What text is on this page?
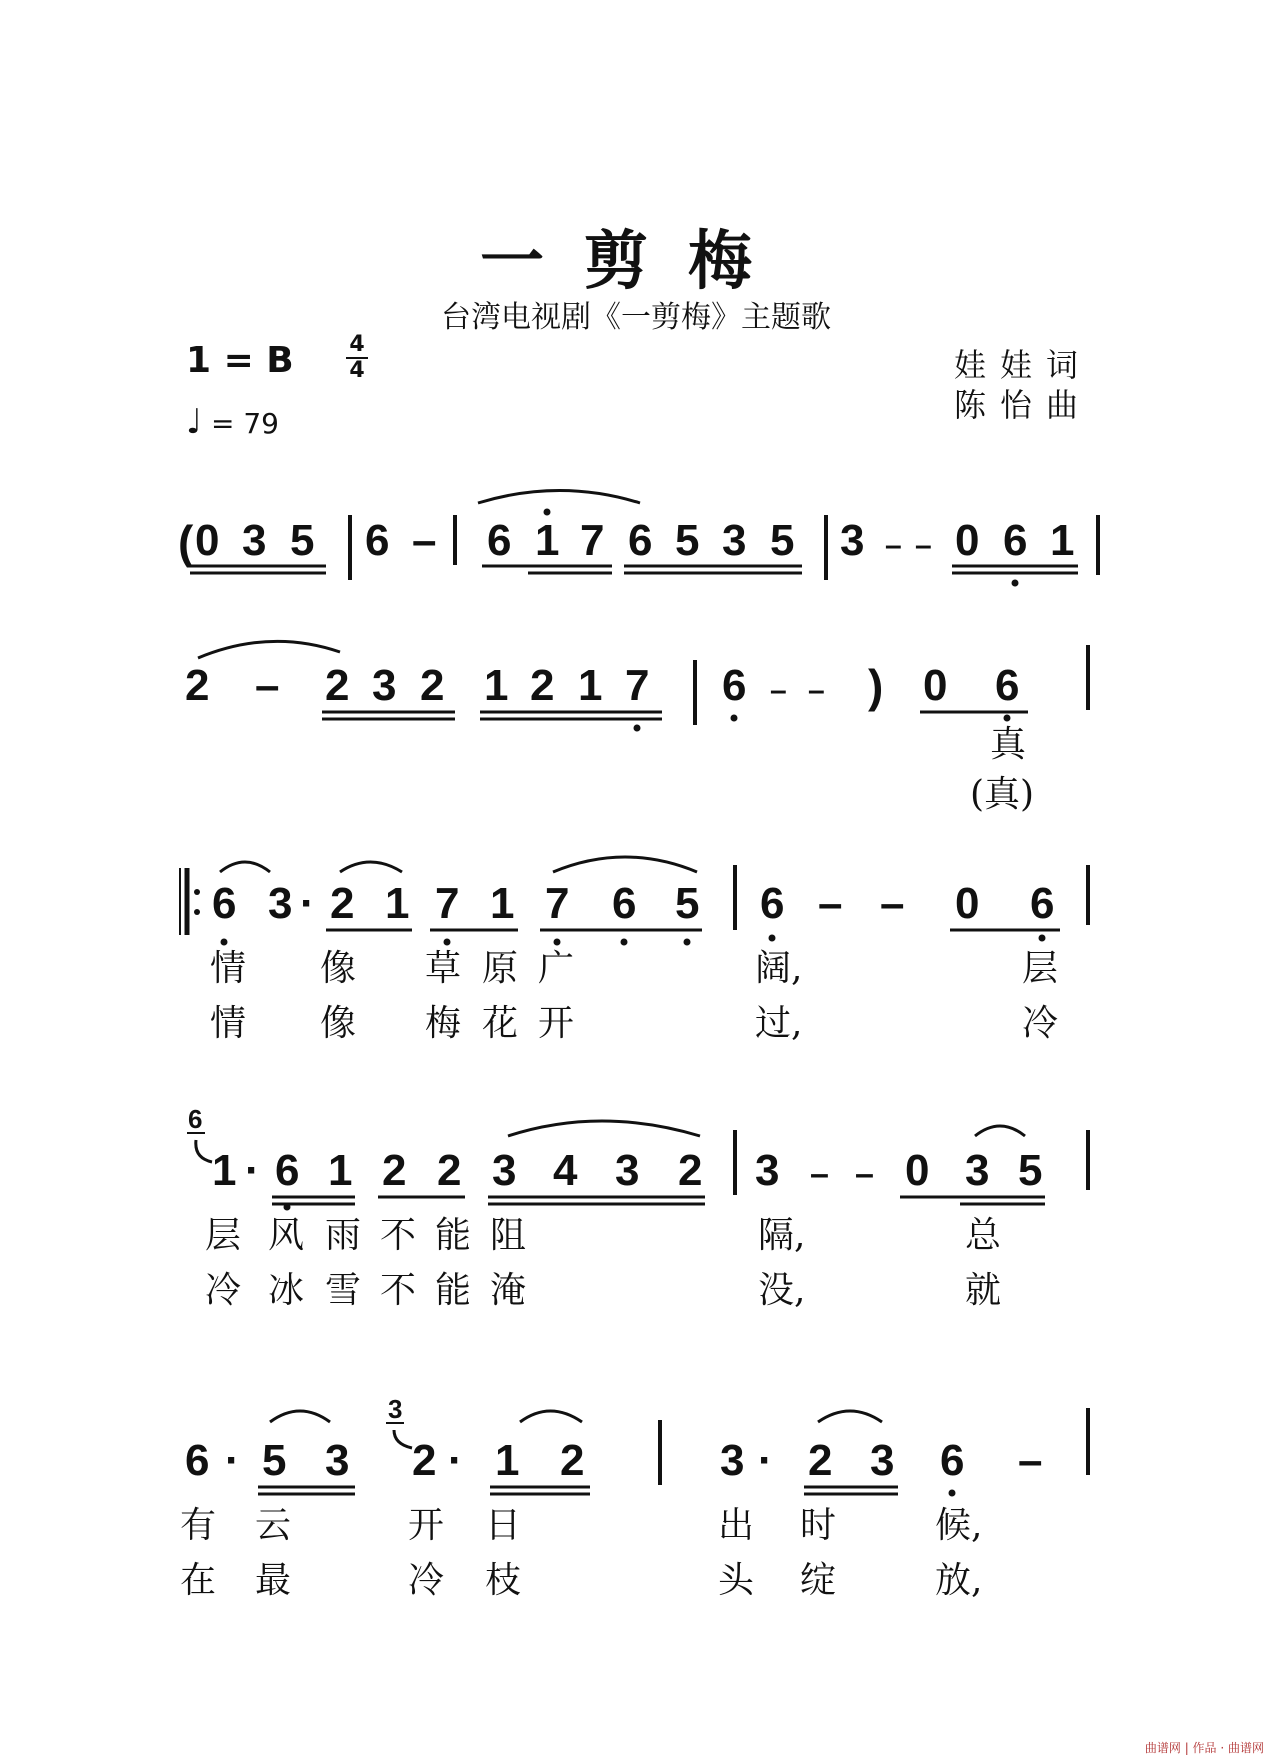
一剪梅
台湾电视剧《一剪梅》主题歌
1 = B	4
4
♩ = 79
娃娃词
陈怡曲
( 0 3 5 6 – 6 1 7 6 5 3 5 3 – – 0 6 1
2 – 2 3 2 1 2 1 7 6 – – ) 0 6
真
(真)
6 3 · 2 1 7 1 7 6 5 6 – – 0 6
情 像 草 原 广	阔,	层
情 像 梅 花 开	过,	冷
6
1 · 6 1 2 2 3 4 3 2 3 – – 0 3 5
层 风 雨 不 能 阻	隔,	总
冷 冰 雪 不 能 淹	没,	就
3
6 · 5 3 2 · 1 2	3 · 2 3 6 –
有 云	开 日	出 时	候,
在 最	冷 枝	头 绽	放,
曲谱网 | 作品 · 曲谱网
